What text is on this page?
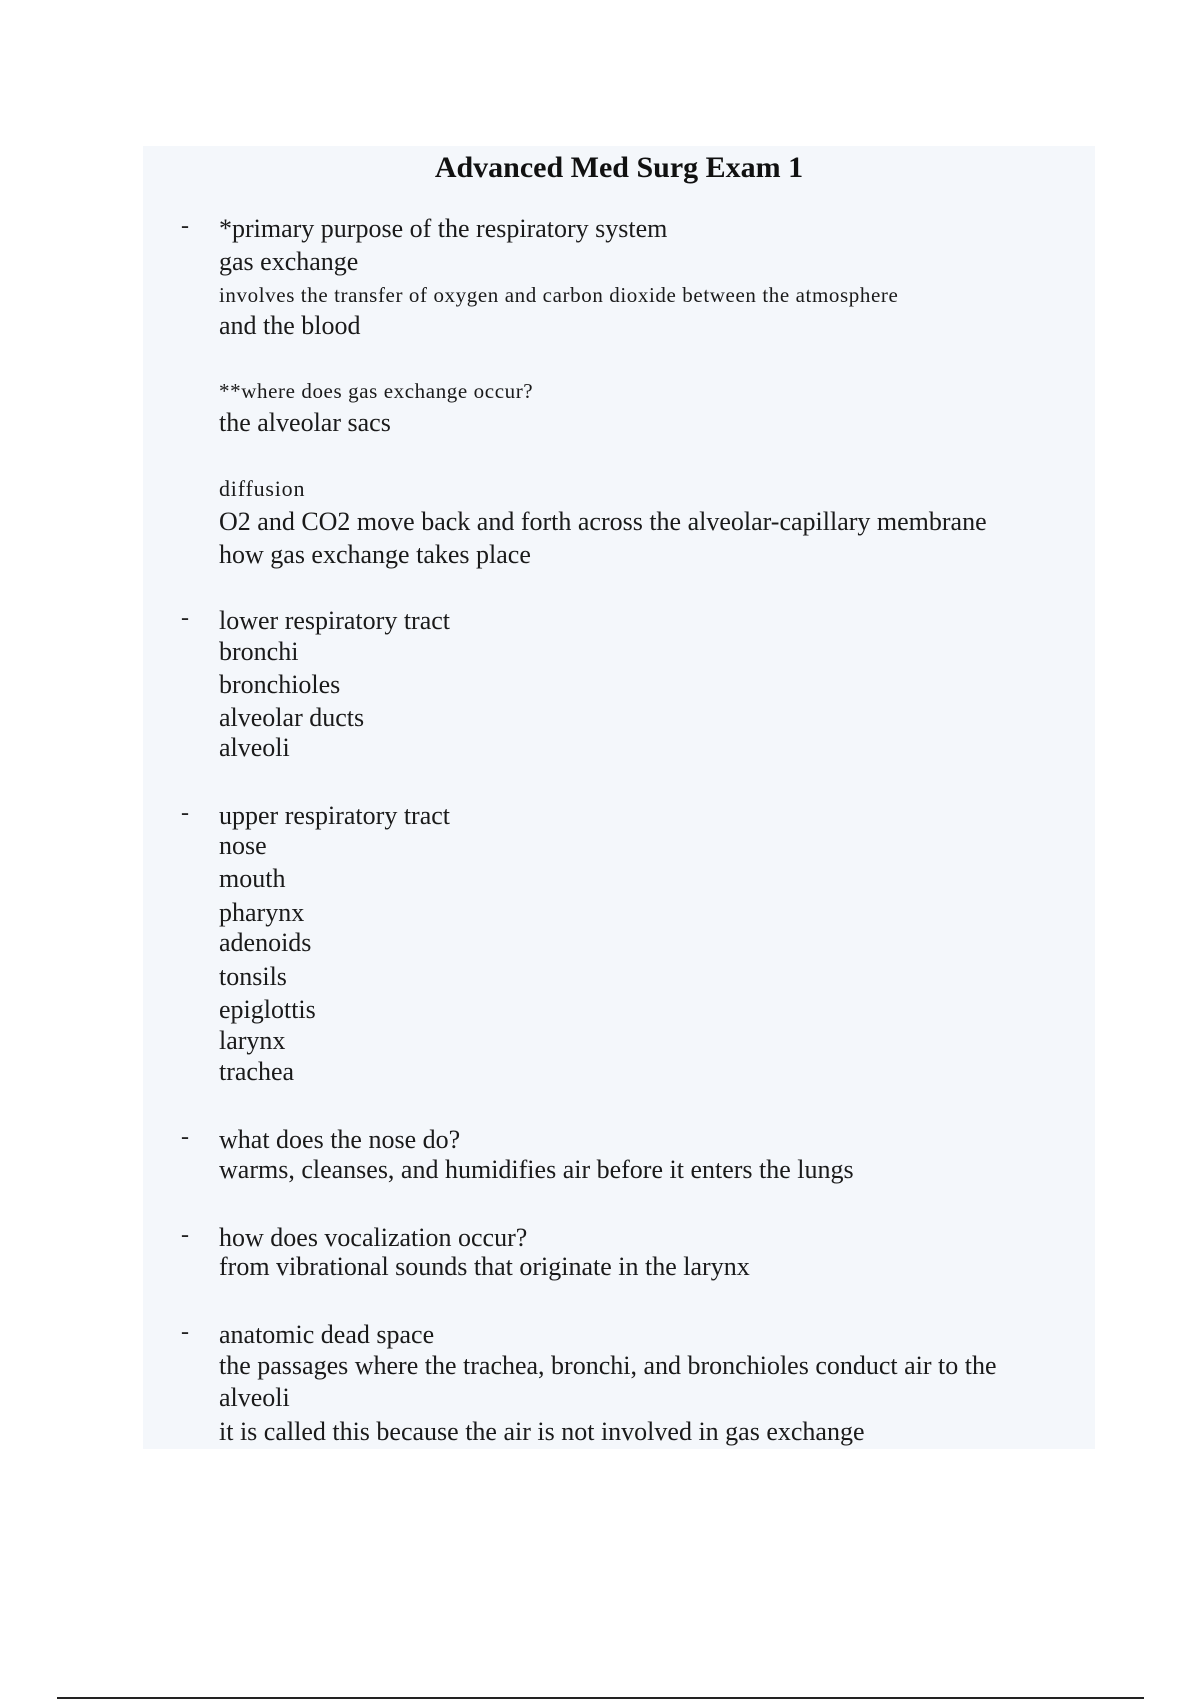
Advanced Med Surg Exam 1
- *primary purpose of the respiratory system
gas exchange
involves the transfer of oxygen and carbon dioxide between the atmosphere
and the blood
**where does gas exchange occur?
the alveolar sacs
diffusion
O2 and CO2 move back and forth across the alveolar-capillary membrane
how gas exchange takes place
- lower respiratory tract
bronchi
bronchioles
alveolar ducts
alveoli
- upper respiratory tract
nose
mouth
pharynx
adenoids
tonsils
epiglottis
larynx
trachea
- what does the nose do?
warms, cleanses, and humidifies air before it enters the lungs
- how does vocalization occur?
from vibrational sounds that originate in the larynx
- anatomic dead space
the passages where the trachea, bronchi, and bronchioles conduct air to the
alveoli
it is called this because the air is not involved in gas exchange
